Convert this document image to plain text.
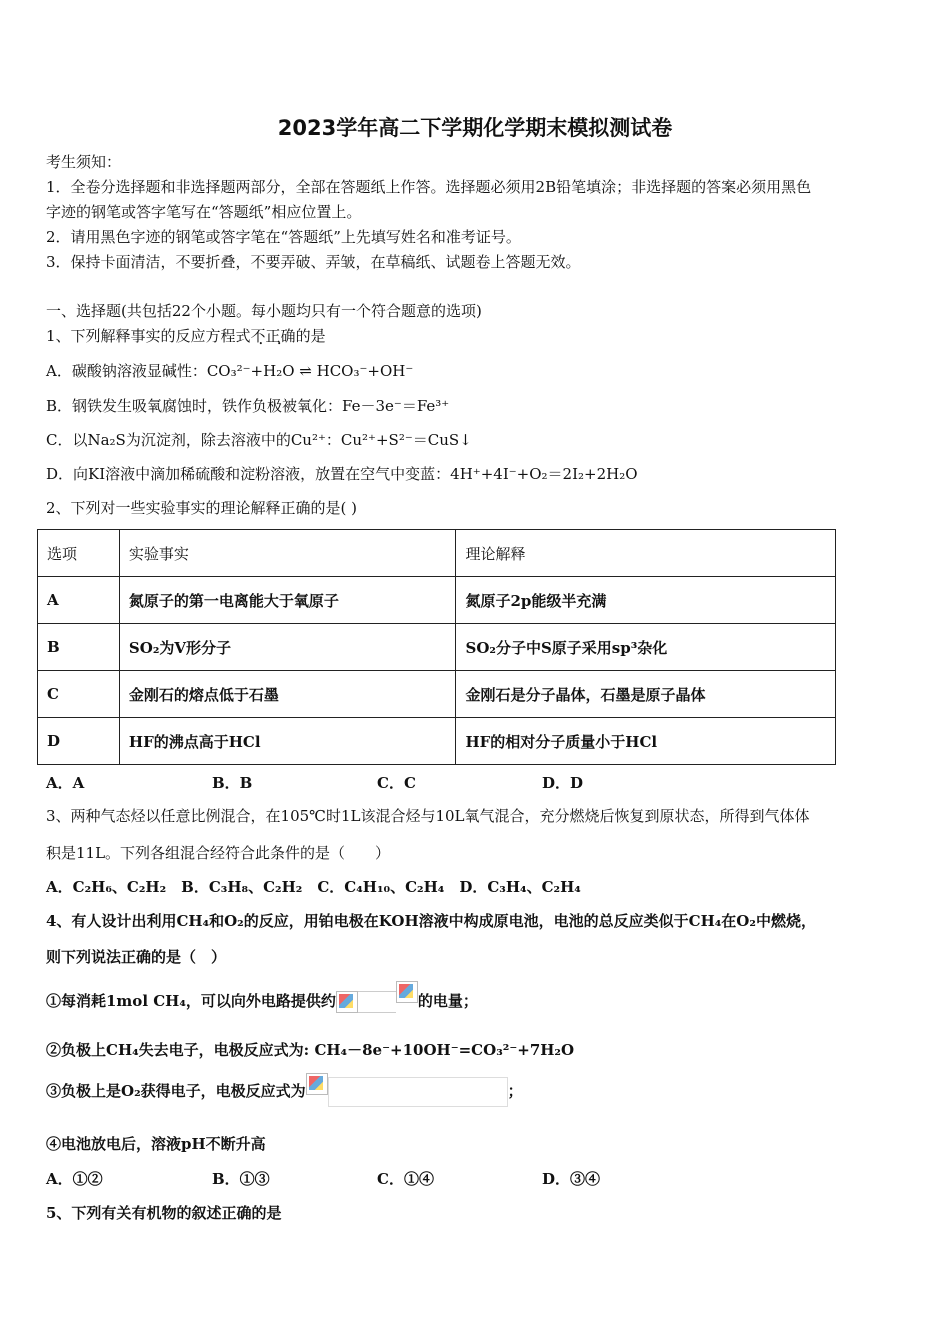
2023学年高二下学期化学期末模拟测试卷
考生须知：
1．全卷分选择题和非选择题两部分，全部在答题纸上作答。选择题必须用2B铅笔填涂；非选择题的答案必须用黑色
字迹的钢笔或答字笔写在“答题纸”相应位置上。
2．请用黑色字迹的钢笔或答字笔在“答题纸”上先填写姓名和准考证号。
3．保持卡面清洁，不要折叠，不要弄破、弄皱，在草稿纸、试题卷上答题无效。
一、选择题(共包括22个小题。每小题均只有一个符合题意的选项)
1、下列解释事实的反应方程式不正确 • •的是
A．碳酸钠溶液显碱性：CO₃²⁻+H₂O ⇌ HCO₃⁻+OH⁻
B．钢铁发生吸氧腐蚀时，铁作负极被氧化：Fe－3e⁻＝Fe³⁺
C．以Na₂S为沉淀剂，除去溶液中的Cu²⁺：Cu²⁺+S²⁻＝CuS↓
D．向KI溶液中滴加稀硫酸和淀粉溶液，放置在空气中变蓝：4H⁺+4I⁻+O₂＝2I₂+2H₂O
2、下列对一些实验事实的理论解释正确的是( )
选项	实验事实	理论解释
A	氮原子的第一电离能大于氧原子	氮原子2p能级半充满
B	SO₂为V形分子	SO₂分子中S原子采用sp³杂化
C	金刚石的熔点低于石墨	金刚石是分子晶体，石墨是原子晶体
D	HF的沸点高于HCl	HF的相对分子质量小于HCl
A．A	B．B	C．C	D．D
3、两种气态烃以任意比例混合，在105℃时1L该混合烃与10L氧气混合，充分燃烧后恢复到原状态，所得到气体体
积是11L。下列各组混合经符合此条件的是（　　）
A．C₂H₆、C₂H₂　B．C₃H₈、C₂H₂　C．C₄H₁₀、C₂H₄　D．C₃H₄、C₂H₄
4、有人设计出利用CH₄和O₂的反应，用铂电极在KOH溶液中构成原电池，电池的总反应类似于CH₄在O₂中燃烧，
则下列说法正确的是（　）
①每消耗1mol CH₄，可以向外电路提供约	的电量；
②负极上CH₄失去电子，电极反应式为: CH₄－8e⁻+10OH⁻=CO₃²⁻+7H₂O
③负极上是O₂获得电子，电极反应式为	；
④电池放电后，溶液pH不断升高
A．①②	B．①③	C．①④	D．③④
5、下列有关有机物的叙述正确的是
